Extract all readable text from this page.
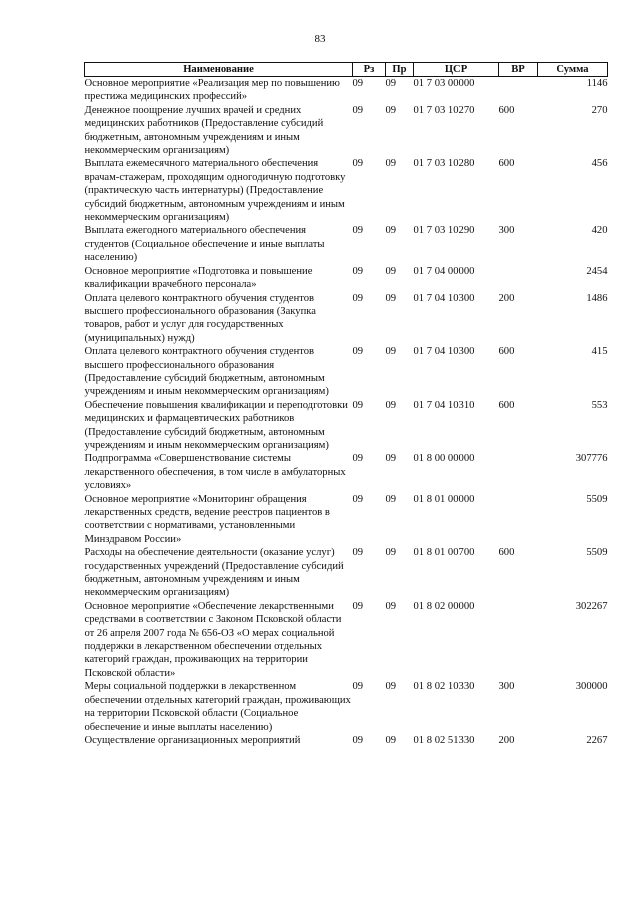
83
Наименование	Рз	Пр	ЦСР	ВР	Сумма
Основное мероприятие «Реализация мер по повышению престижа медицинских профессий»	09	09	01 7 03 00000		1146
Денежное поощрение лучших врачей и средних медицинских работников (Предоставление субсидий бюджетным, автономным учреждениям и иным некоммерческим организациям)	09	09	01 7 03 10270	600	270
Выплата ежемесячного материального обеспечения врачам-стажерам, проходящим одногодичную подготовку (практическую часть интернатуры) (Предоставление субсидий бюджетным, автономным учреждениям и иным некоммерческим организациям)	09	09	01 7 03 10280	600	456
Выплата ежегодного материального обеспечения студентов (Социальное обеспечение и иные выплаты населению)	09	09	01 7 03 10290	300	420
Основное мероприятие «Подготовка и повышение квалификации врачебного персонала»	09	09	01 7 04 00000		2454
Оплата целевого контрактного обучения студентов высшего профессионального образования (Закупка товаров, работ и услуг для государственных (муниципальных) нужд)	09	09	01 7 04 10300	200	1486
Оплата целевого контрактного обучения студентов высшего профессионального образования (Предоставление субсидий бюджетным, автономным учреждениям и иным некоммерческим организациям)	09	09	01 7 04 10300	600	415
Обеспечение повышения квалификации и переподготовки медицинских и фармацевтических работников (Предоставление субсидий бюджетным, автономным учреждениям и иным некоммерческим организациям)	09	09	01 7 04 10310	600	553
Подпрограмма «Совершенствование системы лекарственного обеспечения, в том числе в амбулаторных условиях»	09	09	01 8 00 00000		307776
Основное мероприятие «Мониторинг обращения лекарственных средств, ведение реестров пациентов в соответствии с нормативами, установленными Минздравом России»	09	09	01 8 01 00000		5509
Расходы на обеспечение деятельности (оказание услуг) государственных учреждений (Предоставление субсидий бюджетным, автономным учреждениям и иным некоммерческим организациям)	09	09	01 8 01 00700	600	5509
Основное мероприятие «Обеспечение лекарственными средствами в соответствии с Законом Псковской области от 26 апреля 2007 года № 656-ОЗ «О мерах социальной поддержки в лекарственном обеспечении отдельных категорий граждан, проживающих на территории Псковской области»	09	09	01 8 02 00000		302267
Меры социальной поддержки в лекарственном обеспечении отдельных категорий граждан, проживающих на территории Псковской области (Социальное обеспечение и иные выплаты населению)	09	09	01 8 02 10330	300	300000
Осуществление организационных мероприятий	09	09	01 8 02 51330	200	2267
